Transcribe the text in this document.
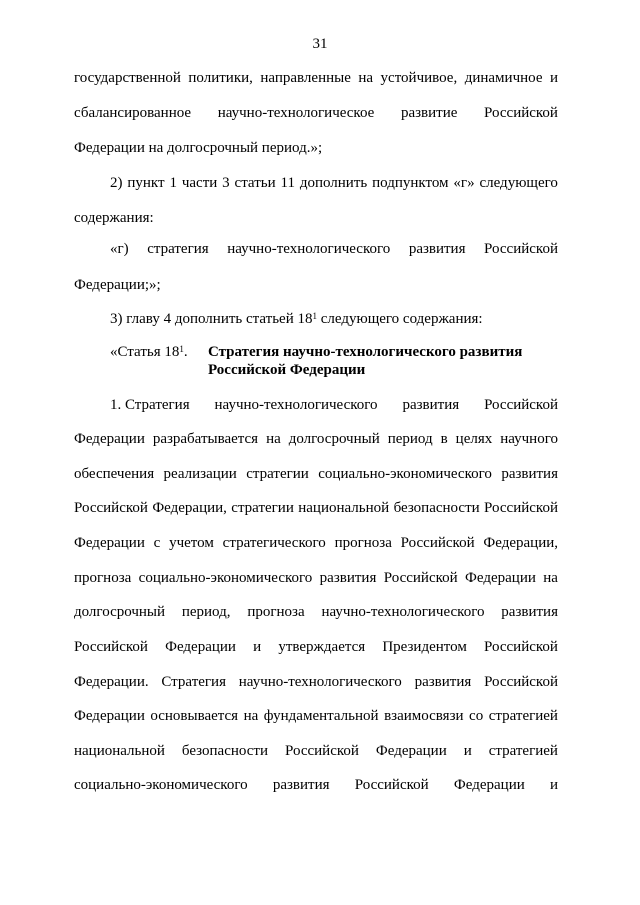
31
государственной политики, направленные на устойчивое, динамичное и
сбалансированное научно-технологическое развитие Российской
Федерации на долгосрочный период.»;
2) пункт 1 части 3 статьи 11 дополнить подпунктом «г» следующего
содержания:
«г) стратегия научно-технологического развития Российской
Федерации;»;
3) главу 4 дополнить статьей $18^1$ следующего содержания:
«Статья $18^1$. Стратегия научно-технологического развития
Российской Федерации
1. Стратегия научно-технологического развития Российской
Федерации разрабатывается на долгосрочный период в целях научного
обеспечения реализации стратегии социально-экономического развития
Российской Федерации, стратегии национальной безопасности Российской
Федерации с учетом стратегического прогноза Российской Федерации,
прогноза социально-экономического развития Российской Федерации на
долгосрочный период, прогноза научно-технологического развития
Российской Федерации и утверждается Президентом Российской
Федерации. Стратегия научно-технологического развития Российской
Федерации основывается на фундаментальной взаимосвязи со стратегией
национальной безопасности Российской Федерации и стратегией
социально-экономического развития Российской Федерации и
